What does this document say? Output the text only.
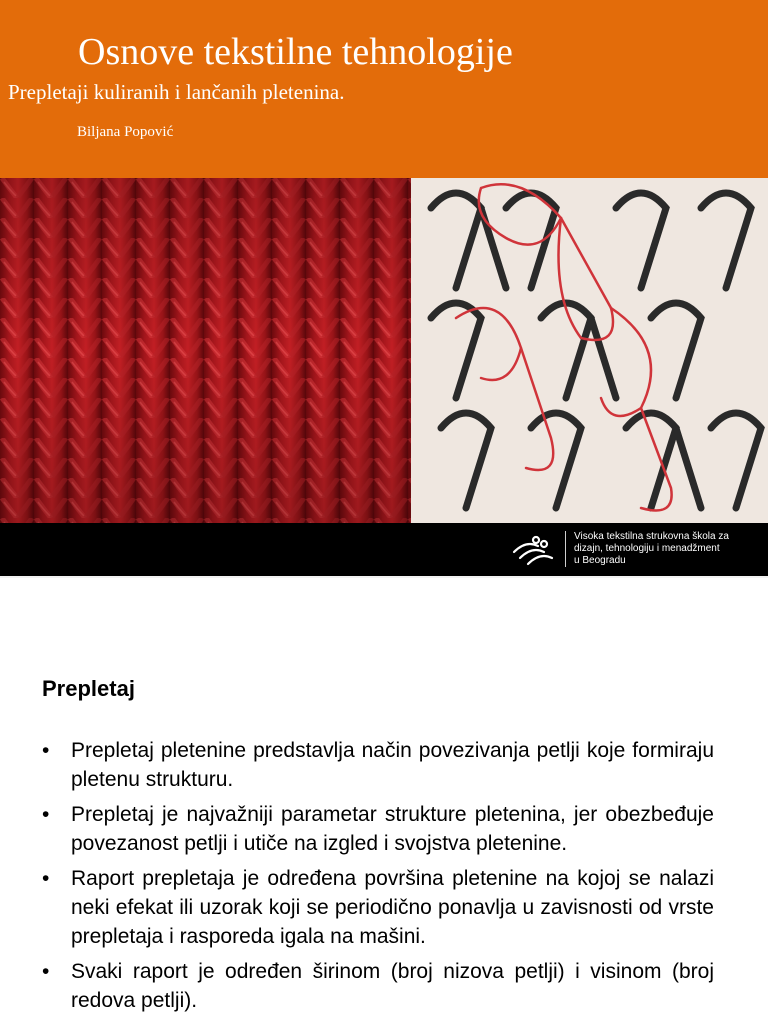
Osnove tekstilne tehnologije

Prepletaji kuliranih i lančanih pletenina.

Biljana Popović

Visoka tekstilna strukovna škola za
dizajn, tehnologiju i menadžment
u Beogradu

Prepletaj
• Prepletaj pletenine predstavlja način povezivanja petlji koje formiraju pletenu strukturu.
• Prepletaj je najvažniji parametar strukture pletenina, jer obezbeđuje povezanost petlji i utiče na izgled i svojstva pletenine.
• Raport prepletaja je određena površina pletenine na kojoj se nalazi neki efekat ili uzorak koji se periodično ponavlja u zavisnosti od vrste prepletaja i rasporeda igala na mašini.
• Svaki raport je određen širinom (broj nizova petlji) i visinom (broj redova petlji).
